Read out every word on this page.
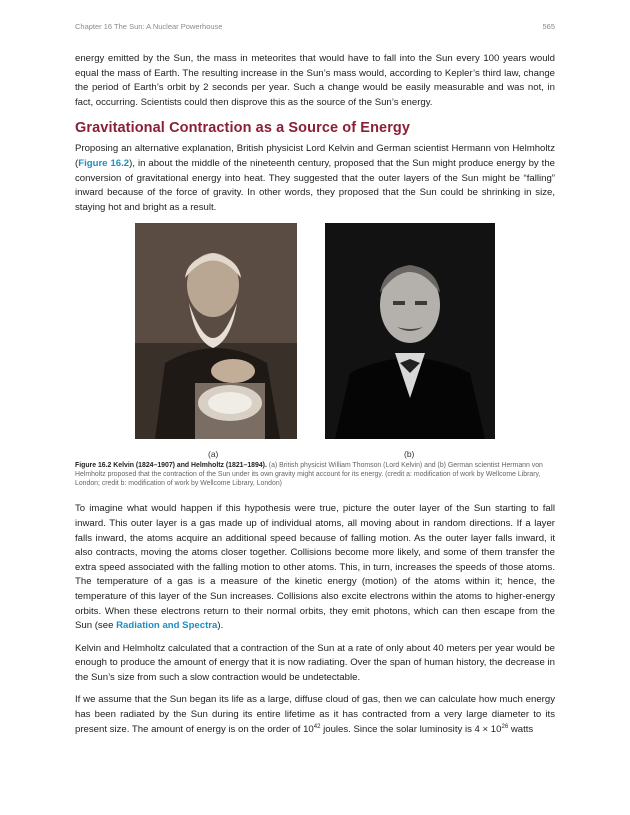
Chapter 16 The Sun: A Nuclear Powerhouse	565

energy emitted by the Sun, the mass in meteorites that would have to fall into the Sun every 100 years would equal the mass of Earth. The resulting increase in the Sun’s mass would, according to Kepler’s third law, change the period of Earth’s orbit by 2 seconds per year. Such a change would be easily measurable and was not, in fact, occurring. Scientists could then disprove this as the source of the Sun’s energy.

Gravitational Contraction as a Source of Energy

Proposing an alternative explanation, British physicist Lord Kelvin and German scientist Hermann von Helmholtz (Figure 16.2), in about the middle of the nineteenth century, proposed that the Sun might produce energy by the conversion of gravitational energy into heat. They suggested that the outer layers of the Sun might be “falling” inward because of the force of gravity. In other words, they proposed that the Sun could be shrinking in size, staying hot and bright as a result.

(a)	(b)

Figure 16.2 Kelvin (1824–1907) and Helmholtz (1821–1894). (a) British physicist William Thomson (Lord Kelvin) and (b) German scientist Hermann von Helmholtz proposed that the contraction of the Sun under its own gravity might account for its energy. (credit a: modification of work by Wellcome Library, London; credit b: modification of work by Wellcome Library, London)

To imagine what would happen if this hypothesis were true, picture the outer layer of the Sun starting to fall inward. This outer layer is a gas made up of individual atoms, all moving about in random directions. If a layer falls inward, the atoms acquire an additional speed because of falling motion. As the outer layer falls inward, it also contracts, moving the atoms closer together. Collisions become more likely, and some of them transfer the extra speed associated with the falling motion to other atoms. This, in turn, increases the speeds of those atoms. The temperature of a gas is a measure of the kinetic energy (motion) of the atoms within it; hence, the temperature of this layer of the Sun increases. Collisions also excite electrons within the atoms to higher-energy orbits. When these electrons return to their normal orbits, they emit photons, which can then escape from the Sun (see Radiation and Spectra).

Kelvin and Helmholtz calculated that a contraction of the Sun at a rate of only about 40 meters per year would be enough to produce the amount of energy that it is now radiating. Over the span of human history, the decrease in the Sun’s size from such a slow contraction would be undetectable.

If we assume that the Sun began its life as a large, diffuse cloud of gas, then we can calculate how much energy has been radiated by the Sun during its entire lifetime as it has contracted from a very large diameter to its present size. The amount of energy is on the order of $10^{42}$ joules. Since the solar luminosity is $4 \times 10^{26}$ watts
